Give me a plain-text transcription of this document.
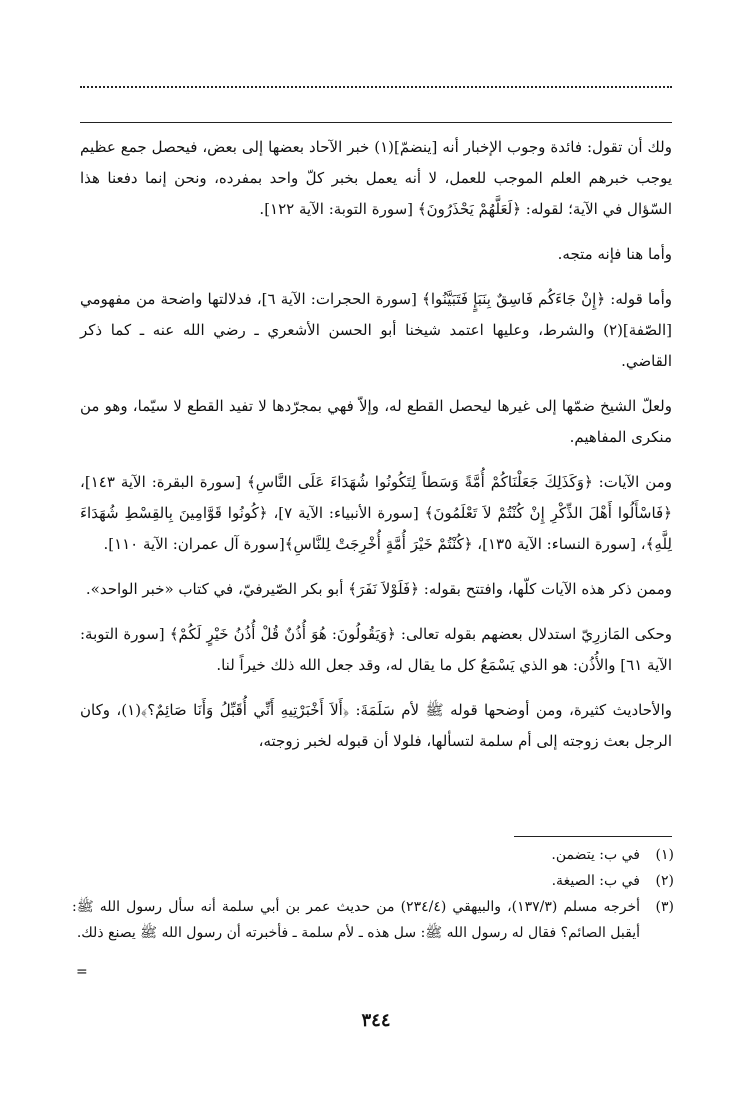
ولك أن تقول: فائدة وجوب الإخبار أنه [ينضمّ](١) خبر الآحاد بعضها إلى بعض، فيحصل جمع عظيم يوجب خبرهم العلم الموجب للعمل، لا أنه يعمل بخبر كلّ واحد بمفرده، ونحن إنما دفعنا هذا السّؤال في الآية؛ لقوله: ﴿لَعَلَّهُمْ يَحْذَرُونَ﴾ [سورة التوبة: الآية ١٢٢].

وأما هنا فإنه متجه.

وأما قوله: ﴿إِنْ جَاءَكُم فَاسِقٌ بِنَبَإٍ فَتَبَيَّنُوا﴾ [سورة الحجرات: الآية ٦]، فدلالتها واضحة من مفهومي [الصّفة](٢) والشرط، وعليها اعتمد شيخنا أبو الحسن الأشعري ـ رضي الله عنه ـ كما ذكر القاضي.

ولعلّ الشيخ ضمّها إلى غيرها ليحصل القطع له، وإلاّ فهي بمجرّدها لا تفيد القطع لا سيّما، وهو من منكرى المفاهيم.

ومن الآيات: ﴿وَكَذَلِكَ جَعَلْنَاكُمْ أُمَّةً وَسَطاً لِتَكُونُوا شُهَدَاءَ عَلَى النَّاسِ﴾ [سورة البقرة: الآية ١٤٣]، ﴿فَاسْأَلُوا أَهْلَ الذِّكْرِ إِنْ كُنْتُمْ لاَ تَعْلَمُونَ﴾ [سورة الأنبياء: الآية ٧]، ﴿كُونُوا قَوَّامِينَ بِالقِسْطِ شُهَدَاءَ لِلَّهِ﴾، [سورة النساء: الآية ١٣٥]، ﴿كُنْتُمْ خَيْرَ أُمَّةٍ أُخْرِجَتْ لِلنَّاسِ﴾[سورة آل عمران: الآية ١١٠].

وممن ذكر هذه الآيات كلّها، وافتتح بقوله: ﴿فَلَوْلاَ نَفَرَ﴾ أبو بكر الصّيرفيّ، في كتاب «خبر الواحد».

وحكى المَازرِيّ استدلال بعضهم بقوله تعالى: ﴿وَيَقُولُونَ: هُوَ أُذُنٌ قُلْ أُذُنُ خَيْرٍ لَكُمْ﴾ [سورة التوبة: الآية ٦١] والأُذُن: هو الذي يَسْمَعُ كل ما يقال له، وقد جعل الله ذلك خيراً لنا.

والأحاديث كثيرة، ومن أوضحها قوله ﷺ لأم سَلَمَةَ: ﴿أَلاَ أَخْبَرْتِيهِ أَنِّي أُقَبِّلُ وَأَنَا صَائِمٌ؟﴾(١)، وكان الرجل بعث زوجته إلى أم سلمة لتسألها، فلولا أن قبوله لخبر زوجته،

(١)
في ب: يتضمن.
(٢)
في ب: الصيغة.
(٣)
أخرجه مسلم (١٣٧/٣)، والبيهقي (٢٣٤/٤) من حديث عمر بن أبي سلمة أنه سأل رسول الله ﷺ: أيقبل الصائم؟ فقال له رسول الله ﷺ: سل هذه ـ لأم سلمة ـ فأخبرته أن رسول الله ﷺ يصنع ذلك.
=
٣٤٤
